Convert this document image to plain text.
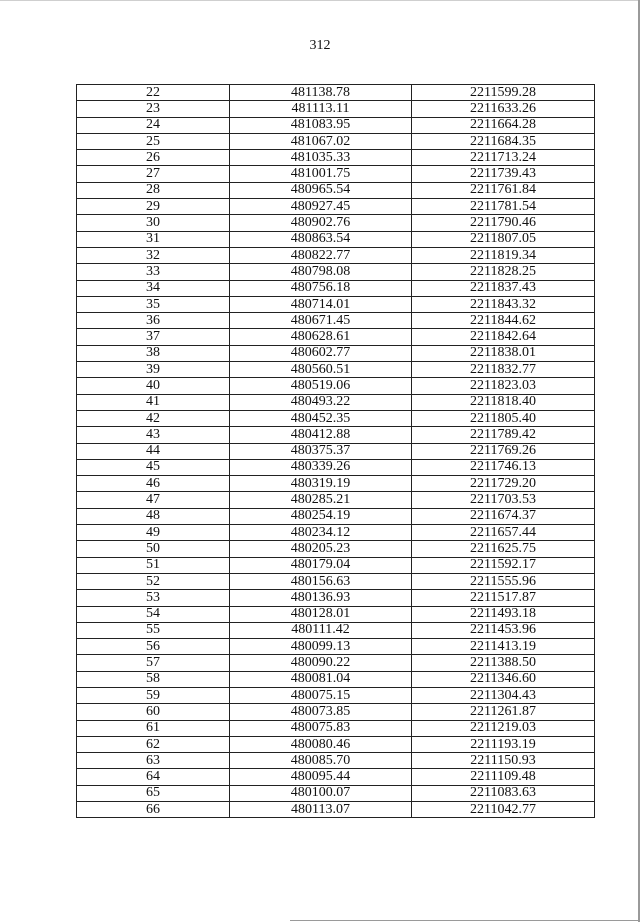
312
22	481138.78	2211599.28
23	481113.11	2211633.26
24	481083.95	2211664.28
25	481067.02	2211684.35
26	481035.33	2211713.24
27	481001.75	2211739.43
28	480965.54	2211761.84
29	480927.45	2211781.54
30	480902.76	2211790.46
31	480863.54	2211807.05
32	480822.77	2211819.34
33	480798.08	2211828.25
34	480756.18	2211837.43
35	480714.01	2211843.32
36	480671.45	2211844.62
37	480628.61	2211842.64
38	480602.77	2211838.01
39	480560.51	2211832.77
40	480519.06	2211823.03
41	480493.22	2211818.40
42	480452.35	2211805.40
43	480412.88	2211789.42
44	480375.37	2211769.26
45	480339.26	2211746.13
46	480319.19	2211729.20
47	480285.21	2211703.53
48	480254.19	2211674.37
49	480234.12	2211657.44
50	480205.23	2211625.75
51	480179.04	2211592.17
52	480156.63	2211555.96
53	480136.93	2211517.87
54	480128.01	2211493.18
55	480111.42	2211453.96
56	480099.13	2211413.19
57	480090.22	2211388.50
58	480081.04	2211346.60
59	480075.15	2211304.43
60	480073.85	2211261.87
61	480075.83	2211219.03
62	480080.46	2211193.19
63	480085.70	2211150.93
64	480095.44	2211109.48
65	480100.07	2211083.63
66	480113.07	2211042.77
